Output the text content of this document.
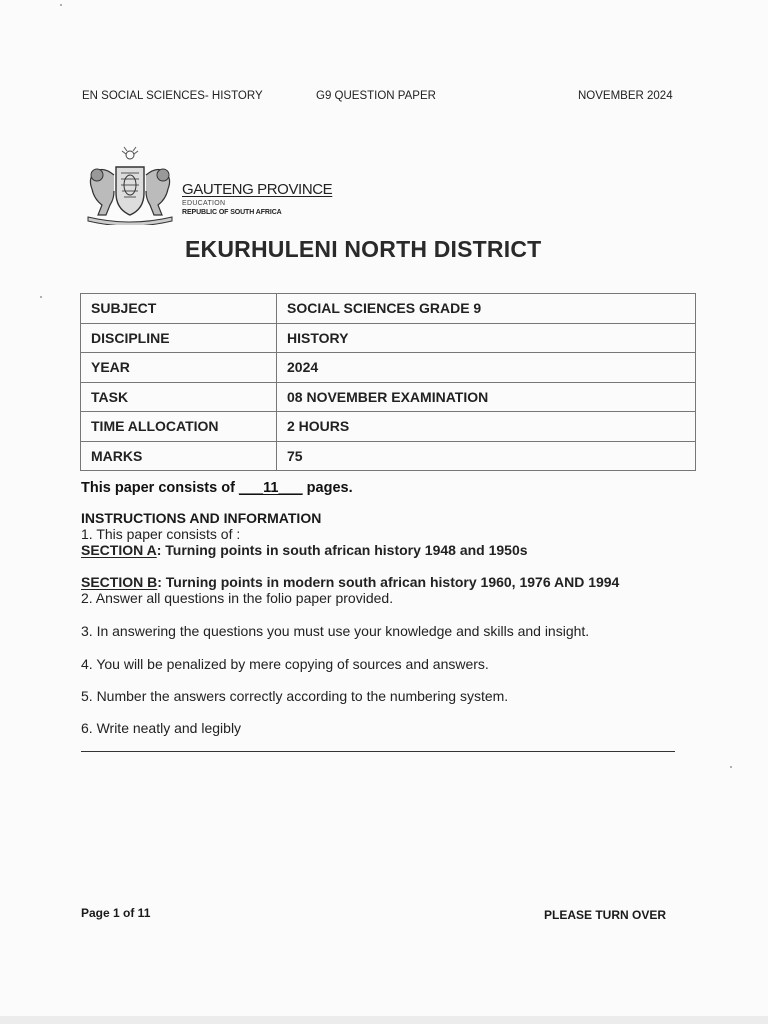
EN SOCIAL SCIENCES- HISTORY	G9 QUESTION PAPER	NOVEMBER 2024
GAUTENG PROVINCE
EDUCATION
REPUBLIC OF SOUTH AFRICA
EKURHULENI NORTH DISTRICT
SUBJECT	SOCIAL SCIENCES GRADE 9
DISCIPLINE	HISTORY
YEAR	2024
TASK	08 NOVEMBER EXAMINATION
TIME ALLOCATION	2 HOURS
MARKS	75
This paper consists of ___11___ pages.
INSTRUCTIONS AND INFORMATION
1. This paper consists of :
SECTION A: Turning points in south african history 1948 and 1950s
SECTION B: Turning points in modern south african history 1960, 1976 AND 1994
2. Answer all questions in the folio paper provided.
3. In answering the questions you must use your knowledge and skills and insight.
4. You will be penalized by mere copying of sources and answers.
5. Number the answers correctly according to the numbering system.
6. Write neatly and legibly
Page 1 of 11	PLEASE TURN OVER
